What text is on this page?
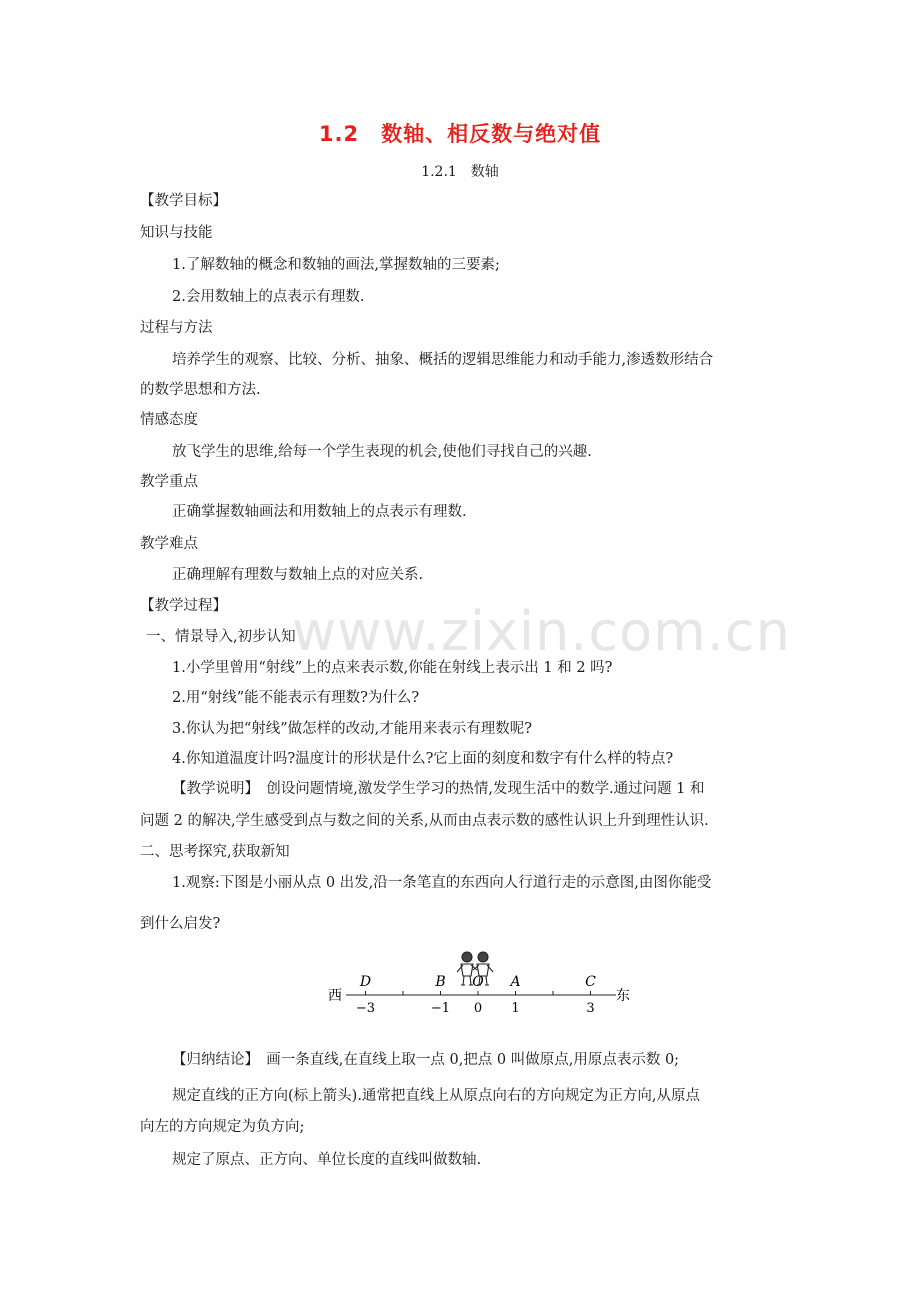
www.zixin.com.cn
1.2　数轴、相反数与绝对值
1.2.1　数轴
【教学目标】
知识与技能
1.了解数轴的概念和数轴的画法,掌握数轴的三要素;
2.会用数轴上的点表示有理数.
过程与方法
培养学生的观察、比较、分析、抽象、概括的逻辑思维能力和动手能力,渗透数形结合
的数学思想和方法.
情感态度
放飞学生的思维,给每一个学生表现的机会,使他们寻找自己的兴趣.
教学重点
正确掌握数轴画法和用数轴上的点表示有理数.
教学难点
正确理解有理数与数轴上点的对应关系.
【教学过程】
一、情景导入,初步认知
1.小学里曾用“射线”上的点来表示数,你能在射线上表示出 1 和 2 吗?
2.用“射线”能不能表示有理数?为什么?
3.你认为把“射线”做怎样的改动,才能用来表示有理数呢?
4.你知道温度计吗?温度计的形状是什么?它上面的刻度和数字有什么样的特点?
【教学说明】　创设问题情境,激发学生学习的热情,发现生活中的数学.通过问题 1 和
问题 2 的解决,学生感受到点与数之间的关系,从而由点表示数的感性认识上升到理性认识.
二、思考探究,获取新知
1.观察:下图是小丽从点 0 出发,沿一条笔直的东西向人行道行走的示意图,由图你能受
到什么启发?
西	东
D
−3
B
−1
O
0
A
1
C
3
【归纳结论】　画一条直线,在直线上取一点 0,把点 0 叫做原点,用原点表示数 0;
规定直线的正方向(标上箭头).通常把直线上从原点向右的方向规定为正方向,从原点
向左的方向规定为负方向;
规定了原点、正方向、单位长度的直线叫做数轴.
